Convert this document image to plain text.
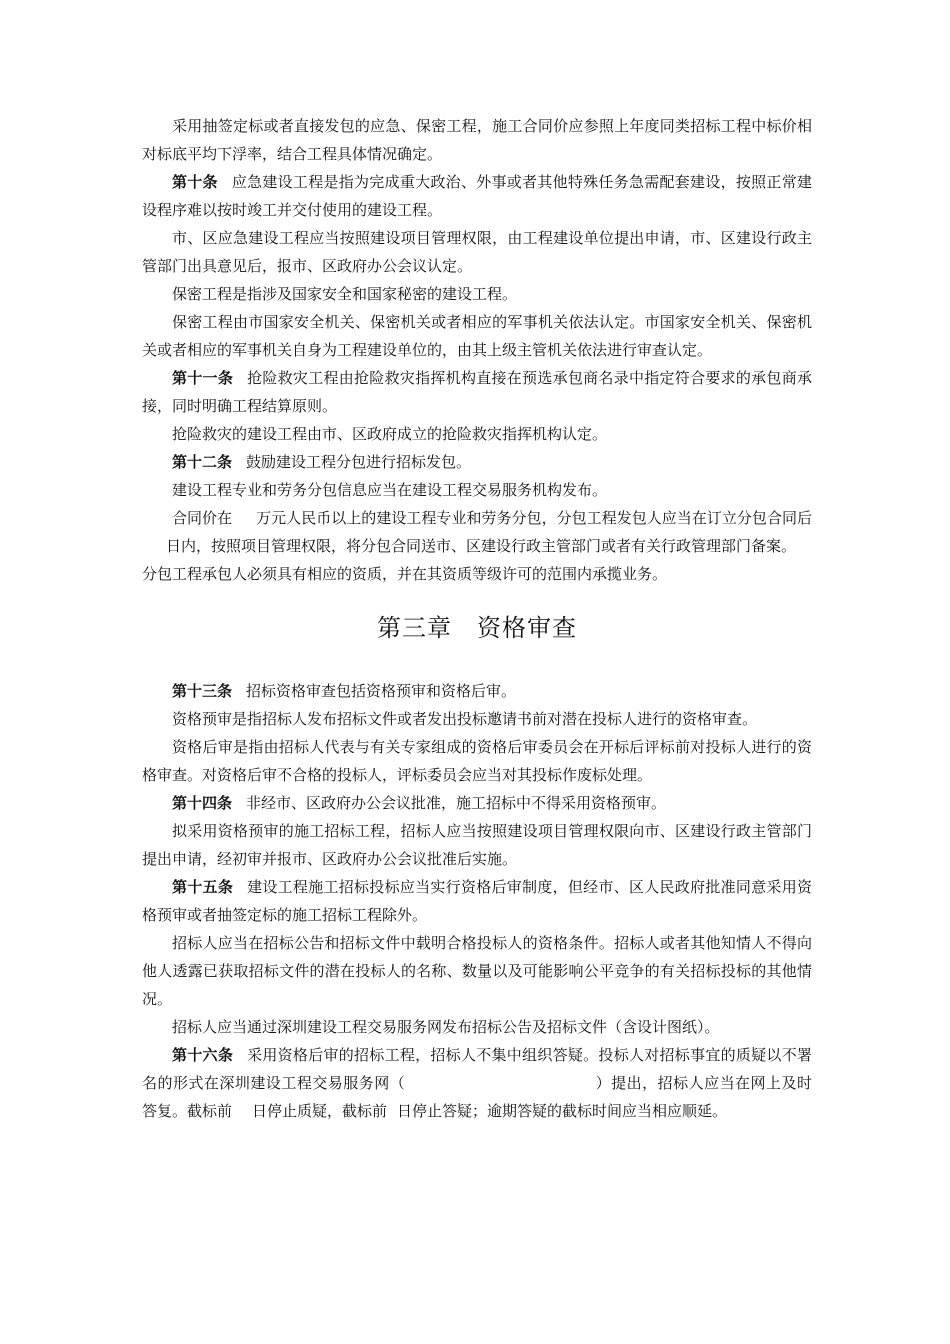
采用抽签定标或者直接发包的应急、保密工程，施工合同价应参照上年度同类招标工程中标价相对标底平均下浮率，结合工程具体情况确定。

第十条 应急建设工程是指为完成重大政治、外事或者其他特殊任务急需配套建设，按照正常建设程序难以按时竣工并交付使用的建设工程。

市、区应急建设工程应当按照建设项目管理权限，由工程建设单位提出申请，市、区建设行政主管部门出具意见后，报市、区政府办公会议认定。

保密工程是指涉及国家安全和国家秘密的建设工程。

保密工程由市国家安全机关、保密机关或者相应的军事机关依法认定。市国家安全机关、保密机关或者相应的军事机关自身为工程建设单位的，由其上级主管机关依法进行审查认定。

第十一条 抢险救灾工程由抢险救灾指挥机构直接在预选承包商名录中指定符合要求的承包商承接，同时明确工程结算原则。

抢险救灾的建设工程由市、区政府成立的抢险救灾指挥机构认定。

第十二条 鼓励建设工程分包进行招标发包。

建设工程专业和劳务分包信息应当在建设工程交易服务机构发布。

合同价在 万元人民币以上的建设工程专业和劳务分包，分包工程发包人应当在订立分包合同后日内，按照项目管理权限，将分包合同送市、区建设行政主管部门或者有关行政管理部门备案。

分包工程承包人必须具有相应的资质，并在其资质等级许可的范围内承揽业务。

第三章　资格审查

第十三条 招标资格审查包括资格预审和资格后审。

资格预审是指招标人发布招标文件或者发出投标邀请书前对潜在投标人进行的资格审查。

资格后审是指由招标人代表与有关专家组成的资格后审委员会在开标后评标前对投标人进行的资格审查。对资格后审不合格的投标人，评标委员会应当对其投标作废标处理。

第十四条 非经市、区政府办公会议批准，施工招标中不得采用资格预审。

拟采用资格预审的施工招标工程，招标人应当按照建设项目管理权限向市、区建设行政主管部门提出申请，经初审并报市、区政府办公会议批准后实施。

第十五条 建设工程施工招标投标应当实行资格后审制度，但经市、区人民政府批准同意采用资格预审或者抽签定标的施工招标工程除外。

招标人应当在招标公告和招标文件中载明合格投标人的资格条件。招标人或者其他知情人不得向他人透露已获取招标文件的潜在投标人的名称、数量以及可能影响公平竞争的有关招标投标的其他情况。

招标人应当通过深圳建设工程交易服务网发布招标公告及招标文件（含设计图纸）。

第十六条 采用资格后审的招标工程，招标人不集中组织答疑。投标人对招标事宜的质疑以不署名的形式在深圳建设工程交易服务网（	）提出，招标人应当在网上及时答复。截标前 日停止质疑，截标前 日停止答疑；逾期答疑的截标时间应当相应顺延。
